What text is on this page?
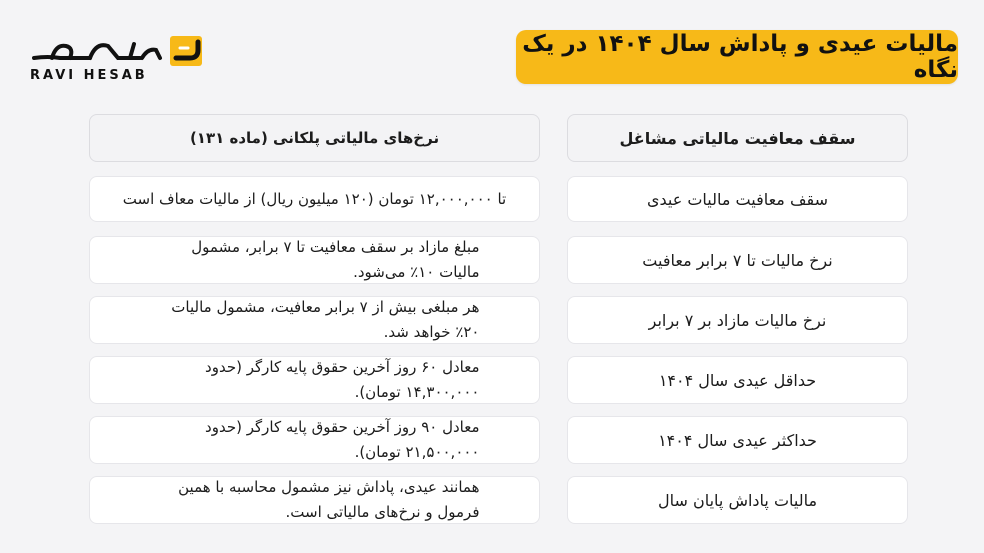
مالیات عیدی و پاداش سال ۱۴۰۴ در یک نگاه
RAVI HESAB
نرخ‌های مالیاتی پلکانی (ماده ۱۳۱)	سقف معافیت مالیاتی مشاغل
تا ۱۲,۰۰۰,۰۰۰ تومان (۱۲۰ میلیون ریال) از مالیات معاف است	سقف معافیت مالیات عیدی
مبلغ مازاد بر سقف معافیت تا ۷ برابر، مشمول مالیات ۱۰٪ می‌شود.
نرخ مالیات تا ۷ برابر معافیت
هر مبلغی بیش از ۷ برابر معافیت، مشمول مالیات ۲۰٪ خواهد شد.
نرخ مالیات مازاد بر ۷ برابر
معادل ۶۰ روز آخرین حقوق پایه کارگر (حدود ۱۴,۳۰۰,۰۰۰ تومان).
حداقل عیدی سال ۱۴۰۴
معادل ۹۰ روز آخرین حقوق پایه کارگر (حدود ۲۱,۵۰۰,۰۰۰ تومان).
حداکثر عیدی سال ۱۴۰۴
همانند عیدی، پاداش نیز مشمول محاسبه با همین فرمول و نرخ‌های مالیاتی است.
مالیات پاداش پایان سال
